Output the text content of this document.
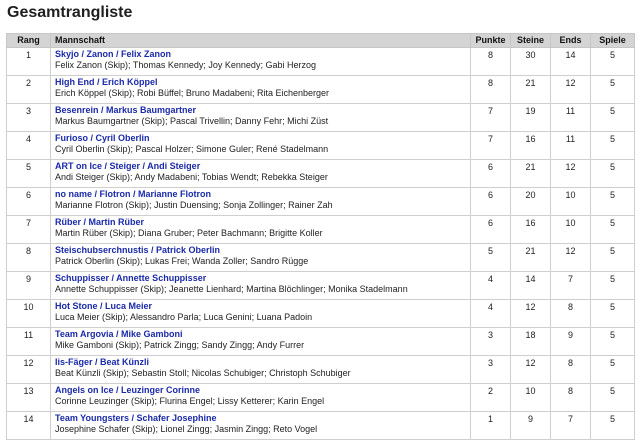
Gesamtrangliste
Rang	Mannschaft	Punkte	Steine	Ends	Spiele
1	Skyjo / Zanon / Felix Zanon
Felix Zanon (Skip); Thomas Kennedy; Joy Kennedy; Gabi Herzog	8	30	14	5
2	High End / Erich Köppel
Erich Köppel (Skip); Robi Büffel; Bruno Madabeni; Rita Eichenberger	8	21	12	5
3	Besenrein / Markus Baumgartner
Markus Baumgartner (Skip); Pascal Trivellin; Danny Fehr; Michi Züst	7	19	11	5
4	Furioso / Cyril Oberlin
Cyril Oberlin (Skip); Pascal Holzer; Simone Guler; René Stadelmann	7	16	11	5
5	ART on Ice / Steiger / Andi Steiger
Andi Steiger (Skip); Andy Madabeni; Tobias Wendt; Rebekka Steiger	6	21	12	5
6	no name / Flotron / Marianne Flotron
Marianne Flotron (Skip); Justin Duensing; Sonja Zollinger; Rainer Zah	6	20	10	5
7	Rüber / Martin Rüber
Martin Rüber (Skip); Diana Gruber; Peter Bachmann; Brigitte Koller	6	16	10	5
8	Steischubserchnustis / Patrick Oberlin
Patrick Oberlin (Skip); Lukas Frei; Wanda Zoller; Sandro Rügge	5	21	12	5
9	Schuppisser / Annette Schuppisser
Annette Schuppisser (Skip); Jeanette Lienhard; Martina Blöchlinger; Monika Stadelmann	4	14	7	5
10	Hot Stone / Luca Meier
Luca Meier (Skip); Alessandro Parla; Luca Genini; Luana Padoin	4	12	8	5
11	Team Argovia / Mike Gamboni
Mike Gamboni (Skip); Patrick Zingg; Sandy Zingg; Andy Furrer	3	18	9	5
12	Iis-Fäger / Beat Künzli
Beat Künzli (Skip); Sebastin Stoll; Nicolas Schubiger; Christoph Schubiger	3	12	8	5
13	Angels on Ice / Leuzinger Corinne
Corinne Leuzinger (Skip); Flurina Engel; Lissy Ketterer; Karin Engel	2	10	8	5
14	Team Youngsters / Schafer Josephine
Josephine Schafer (Skip); Lionel Zingg; Jasmin Zingg; Reto Vogel	1	9	7	5
